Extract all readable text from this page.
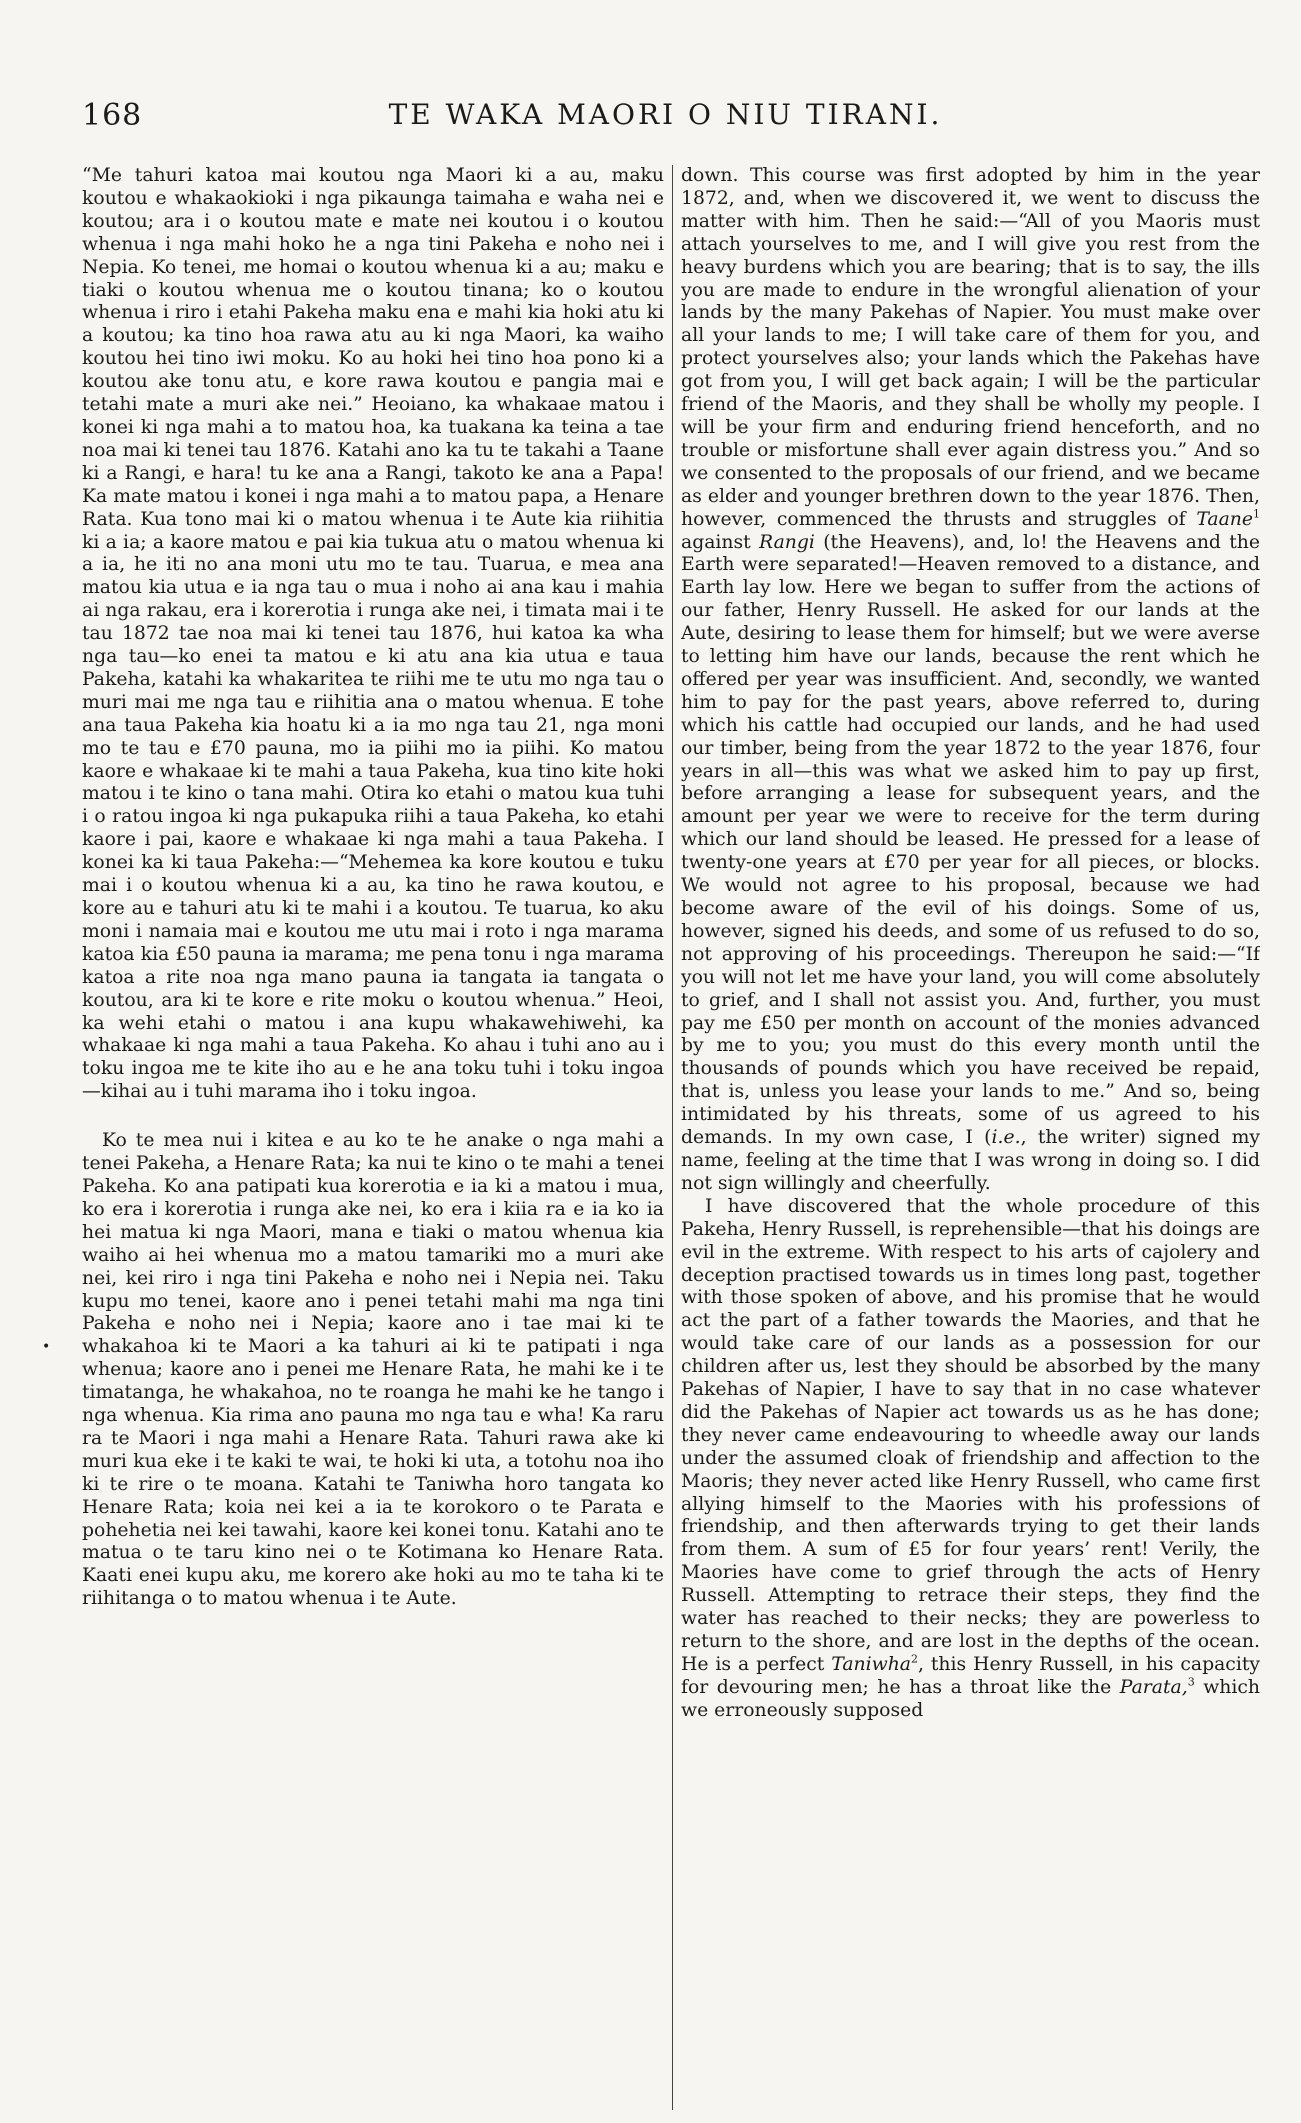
168	TE WAKA MAORI O NIU TIRANI.
•

“Me tahuri katoa mai koutou nga Maori ki a au, maku koutou e whakaokioki i nga pikaunga taimaha e waha nei e koutou; ara i o koutou mate e mate nei koutou i o koutou whenua i nga mahi hoko he a nga tini Pakeha e noho nei i Nepia. Ko tenei, me homai o koutou whenua ki a au; maku e tiaki o koutou whenua me o koutou tinana; ko o koutou whenua i riro i etahi Pakeha maku ena e mahi kia hoki atu ki a koutou; ka tino hoa rawa atu au ki nga Maori, ka waiho koutou hei tino iwi moku. Ko au hoki hei tino hoa pono ki a koutou ake tonu atu, e kore rawa koutou e pangia mai e tetahi mate a muri ake nei.” Heoiano, ka whakaae matou i konei ki nga mahi a to matou hoa, ka tuakana ka teina a tae noa mai ki tenei tau 1876. Katahi ano ka tu te takahi a Taane ki a Rangi, e hara! tu ke ana a Rangi, takoto ke ana a Papa! Ka mate matou i konei i nga mahi a to matou papa, a Henare Rata. Kua tono mai ki o matou whenua i te Aute kia riihitia ki a ia; a kaore matou e pai kia tukua atu o matou whenua ki a ia, he iti no ana moni utu mo te tau. Tuarua, e mea ana matou kia utua e ia nga tau o mua i noho ai ana kau i mahia ai nga rakau, era i korerotia i runga ake nei, i timata mai i te tau 1872 tae noa mai ki tenei tau 1876, hui katoa ka wha nga tau—ko enei ta matou e ki atu ana kia utua e taua Pakeha, katahi ka whakaritea te riihi me te utu mo nga tau o muri mai me nga tau e riihitia ana o matou whenua. E tohe ana taua Pakeha kia hoatu ki a ia mo nga tau 21, nga moni mo te tau e £70 pauna, mo ia piihi mo ia piihi. Ko matou kaore e whakaae ki te mahi a taua Pakeha, kua tino kite hoki matou i te kino o tana mahi. Otira ko etahi o matou kua tuhi i o ratou ingoa ki nga pukapuka riihi a taua Pakeha, ko etahi kaore i pai, kaore e whakaae ki nga mahi a taua Pakeha. I konei ka ki taua Pakeha:—“Mehemea ka kore koutou e tuku mai i o koutou whenua ki a au, ka tino he rawa koutou, e kore au e tahuri atu ki te mahi i a koutou. Te tuarua, ko aku moni i namaia mai e koutou me utu mai i roto i nga marama katoa kia £50 pauna ia marama; me pena tonu i nga marama katoa a rite noa nga mano pauna ia tangata ia tangata o koutou, ara ki te kore e rite moku o koutou whenua.” Heoi, ka wehi etahi o matou i ana kupu whakawehiwehi, ka whakaae ki nga mahi a taua Pakeha. Ko ahau i tuhi ano au i toku ingoa me te kite iho au e he ana toku tuhi i toku ingoa—kihai au i tuhi marama iho i toku ingoa.

Ko te mea nui i kitea e au ko te he anake o nga mahi a tenei Pakeha, a Henare Rata; ka nui te kino o te mahi a tenei Pakeha. Ko ana patipati kua korerotia e ia ki a matou i mua, ko era i korerotia i runga ake nei, ko era i kiia ra e ia ko ia hei matua ki nga Maori, mana e tiaki o matou whenua kia waiho ai hei whenua mo a matou tamariki mo a muri ake nei, kei riro i nga tini Pakeha e noho nei i Nepia nei. Taku kupu mo tenei, kaore ano i penei tetahi mahi ma nga tini Pakeha e noho nei i Nepia; kaore ano i tae mai ki te whakahoa ki te Maori a ka tahuri ai ki te patipati i nga whenua; kaore ano i penei me Henare Rata, he mahi ke i te timatanga, he whakahoa, no te roanga he mahi ke he tango i nga whenua. Kia rima ano pauna mo nga tau e wha! Ka raru ra te Maori i nga mahi a Henare Rata. Tahuri rawa ake ki muri kua eke i te kaki te wai, te hoki ki uta, a totohu noa iho ki te rire o te moana. Katahi te Taniwha horo tangata ko Henare Rata; koia nei kei a ia te korokoro o te Parata e pohehetia nei kei tawahi, kaore kei konei tonu. Katahi ano te matua o te taru kino nei o te Kotimana ko Henare Rata. Kaati enei kupu aku, me korero ake hoki au mo te taha ki te riihitanga o to matou whenua i te Aute.

down. This course was first adopted by him in the year 1872, and, when we discovered it, we went to discuss the matter with him. Then he said:—“All of you Maoris must attach yourselves to me, and I will give you rest from the heavy burdens which you are bearing; that is to say, the ills you are made to endure in the wrongful alienation of your lands by the many Pakehas of Napier. You must make over all your lands to me; I will take care of them for you, and protect yourselves also; your lands which the Pakehas have got from you, I will get back again; I will be the particular friend of the Maoris, and they shall be wholly my people. I will be your firm and enduring friend henceforth, and no trouble or misfortune shall ever again distress you.” And so we consented to the proposals of our friend, and we became as elder and younger brethren down to the year 1876. Then, however, commenced the thrusts and struggles of Taane$^1$ against Rangi (the Heavens), and, lo! the Heavens and the Earth were separated!—Heaven removed to a distance, and Earth lay low. Here we began to suffer from the actions of our father, Henry Russell. He asked for our lands at the Aute, desiring to lease them for himself; but we were averse to letting him have our lands, because the rent which he offered per year was insufficient. And, secondly, we wanted him to pay for the past years, above referred to, during which his cattle had occupied our lands, and he had used our timber, being from the year 1872 to the year 1876, four years in all—this was what we asked him to pay up first, before arranging a lease for subsequent years, and the amount per year we were to receive for the term during which our land should be leased. He pressed for a lease of twenty-one years at £70 per year for all pieces, or blocks. We would not agree to his proposal, because we had become aware of the evil of his doings. Some of us, however, signed his deeds, and some of us refused to do so, not approving of his proceedings. Thereupon he said:—“If you will not let me have your land, you will come absolutely to grief, and I shall not assist you. And, further, you must pay me £50 per month on account of the monies advanced by me to you; you must do this every month until the thousands of pounds which you have received be repaid, that is, unless you lease your lands to me.” And so, being intimidated by his threats, some of us agreed to his demands. In my own case, I (i.e., the writer) signed my name, feeling at the time that I was wrong in doing so. I did not sign willingly and cheerfully.

I have discovered that the whole procedure of this Pakeha, Henry Russell, is reprehensible—that his doings are evil in the extreme. With respect to his arts of cajolery and deception practised towards us in times long past, together with those spoken of above, and his promise that he would act the part of a father towards the Maories, and that he would take care of our lands as a possession for our children after us, lest they should be absorbed by the many Pakehas of Napier, I have to say that in no case whatever did the Pakehas of Napier act towards us as he has done; they never came endeavouring to wheedle away our lands under the assumed cloak of friendship and affection to the Maoris; they never acted like Henry Russell, who came first allying himself to the Maories with his professions of friendship, and then afterwards trying to get their lands from them. A sum of £5 for four years’ rent! Verily, the Maories have come to grief through the acts of Henry Russell. Attempting to retrace their steps, they find the water has reached to their necks; they are powerless to return to the shore, and are lost in the depths of the ocean. He is a perfect Taniwha$^2$, this Henry Russell, in his capacity for devouring men; he has a throat like the Parata,$^3$ which we erroneously supposed
